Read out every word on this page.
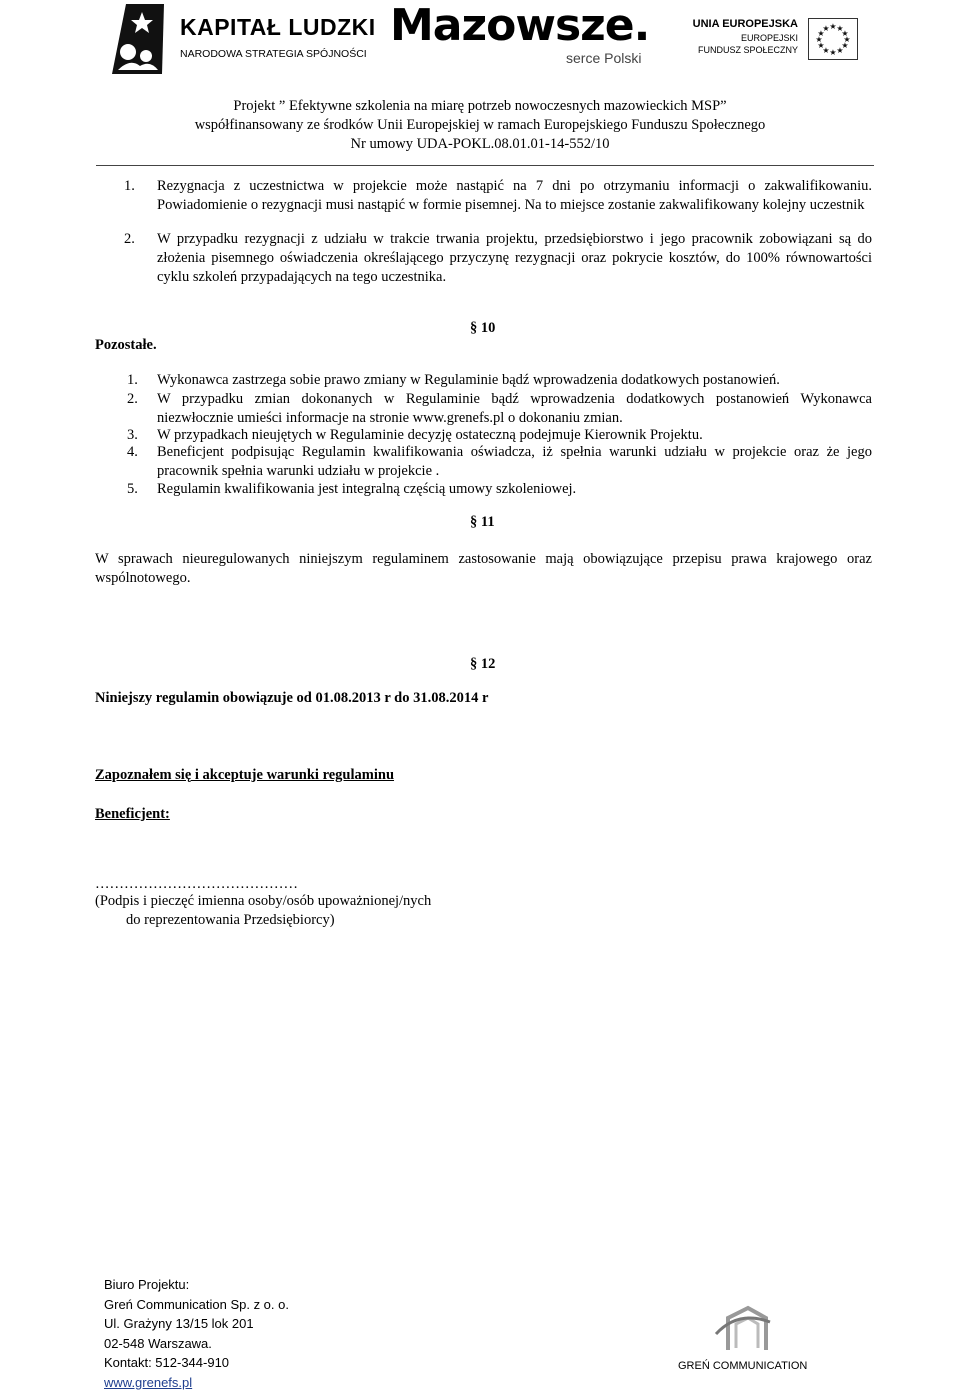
KAPITAŁ LUDZKI
NARODOWA STRATEGIA SPÓJNOŚCI
Mazowsze.
serce Polski
UNIA EUROPEJSKA
EUROPEJSKI
FUNDUSZ SPOŁECZNY
★ ★
★
★
★
★
★
★
★
★
★
★
Projekt ” Efektywne szkolenia na miarę potrzeb nowoczesnych mazowieckich MSP”
współfinansowany ze środków Unii Europejskiej w ramach Europejskiego Funduszu Społecznego
Nr umowy UDA-POKL.08.01.01-14-552/10
1. Rezygnacja z uczestnictwa w projekcie może nastąpić na 7 dni po otrzymaniu informacji o zakwalifikowaniu. Powiadomienie o rezygnacji musi nastąpić w formie pisemnej. Na to miejsce zostanie zakwalifikowany kolejny uczestnik
2. W przypadku rezygnacji z udziału w trakcie trwania projektu, przedsiębiorstwo i jego pracownik zobowiązani są do złożenia pisemnego oświadczenia określającego przyczynę rezygnacji oraz pokrycie kosztów, do 100% równowartości cyklu szkoleń przypadających na tego uczestnika.
§ 10
Pozostałe.
1. Wykonawca zastrzega sobie prawo zmiany w Regulaminie bądź wprowadzenia dodatkowych postanowień.
2. W przypadku zmian dokonanych w Regulaminie bądź wprowadzenia dodatkowych postanowień Wykonawca niezwłocznie umieści informacje na stronie www.grenefs.pl o dokonaniu zmian.
3. W przypadkach nieujętych w Regulaminie decyzję ostateczną podejmuje Kierownik Projektu.
4. Beneficjent podpisując Regulamin kwalifikowania oświadcza, iż spełnia warunki udziału w projekcie oraz że jego pracownik spełnia warunki udziału w projekcie .
5. Regulamin kwalifikowania jest integralną częścią umowy szkoleniowej.
§ 11
W sprawach nieuregulowanych niniejszym regulaminem zastosowanie mają obowiązujące przepisu prawa krajowego oraz wspólnotowego.
§ 12
Niniejszy regulamin obowiązuje od 01.08.2013 r do 31.08.2014 r
Zapoznałem się i akceptuje warunki regulaminu
Beneficjent:
……………………………………
(Podpis i pieczęć imienna osoby/osób upoważnionej/nych
do reprezentowania Przedsiębiorcy)
Biuro Projektu:
Greń Communication Sp. z o. o.
Ul. Grażyny 13/15 lok 201
02-548 Warszawa.
Kontakt: 512-344-910
www.grenefs.pl
GREŃ COMMUNICATION
